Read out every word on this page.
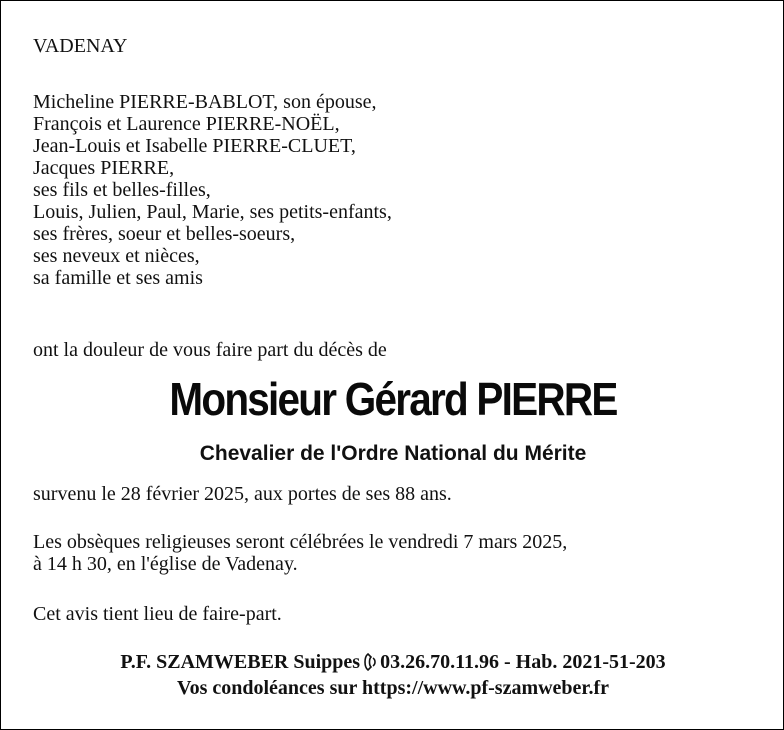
VADENAY
Micheline PIERRE-BABLOT, son épouse,
François et Laurence PIERRE-NOËL,
Jean-Louis et Isabelle PIERRE-CLUET,
Jacques PIERRE,
ses fils et belles-filles,
Louis, Julien, Paul, Marie, ses petits-enfants,
ses frères, soeur et belles-soeurs,
ses neveux et nièces,
sa famille et ses amis
ont la douleur de vous faire part du décès de
Monsieur Gérard PIERRE
Chevalier de l'Ordre National du Mérite
survenu le 28 février 2025, aux portes de ses 88 ans.
Les obsèques religieuses seront célébrées le vendredi 7 mars 2025,
à 14 h 30, en l'église de Vadenay.
Cet avis tient lieu de faire-part.
P.F. SZAMWEBER Suippes 03.26.70.11.96 - Hab. 2021-51-203
Vos condoléances sur https://www.pf-szamweber.fr
